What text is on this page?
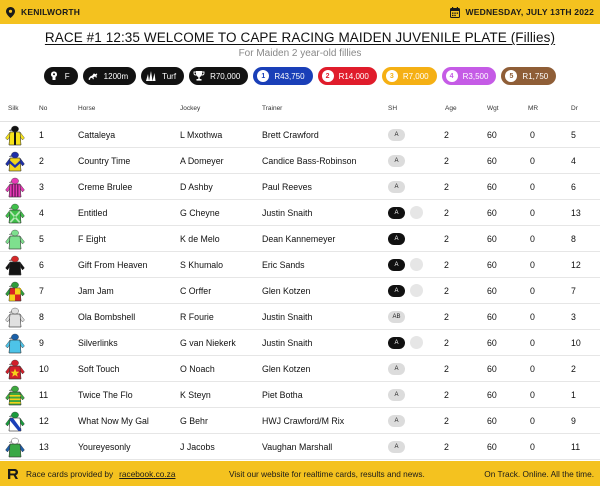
KENILWORTH	WEDNESDAY, JULY 13TH 2022
RACE #1 12:35 WELCOME TO CAPE RACING MAIDEN JUVENILE PLATE (Fillies)
For Maiden 2 year-old fillies
F	1200m	Turf	R70,000	1	R43,750	2	R14,000	3	R7,000	4	R3,500	5	R1,750
Silk	No	Horse	Jockey	Trainer	SH	Age	Wgt	MR	Dr
1	Cattaleya	L Mxothwa	Brett Crawford	A	2	60	0	5
2	Country Time	A Domeyer	Candice Bass-Robinson	A	2	60	0	4
3	Creme Brulee	D Ashby	Paul Reeves	A	2	60	0	6
4	Entitled	G Cheyne	Justin Snaith	A	2	60	0	13
5	F Eight	K de Melo	Dean Kannemeyer	A	2	60	0	8
6	Gift From Heaven	S Khumalo	Eric Sands	A	2	60	0	12
7	Jam Jam	C Orffer	Glen Kotzen	A	2	60	0	7
8	Ola Bombshell	R Fourie	Justin Snaith	AB	2	60	0	3
9	Silverlinks	G van Niekerk	Justin Snaith	A	2	60	0	10
10	Soft Touch	O Noach	Glen Kotzen	A	2	60	0	2
11	Twice The Flo	K Steyn	Piet Botha	A	2	60	0	1
12	What Now My Gal	G Behr	HWJ Crawford/M Rix	A	2	60	0	9
13	Youreyesonly	J Jacobs	Vaughan Marshall	A	2	60	0	11
Race cards provided by racebook.co.za	Visit our website for realtime cards, results and news.	On Track. Online. All the time.
